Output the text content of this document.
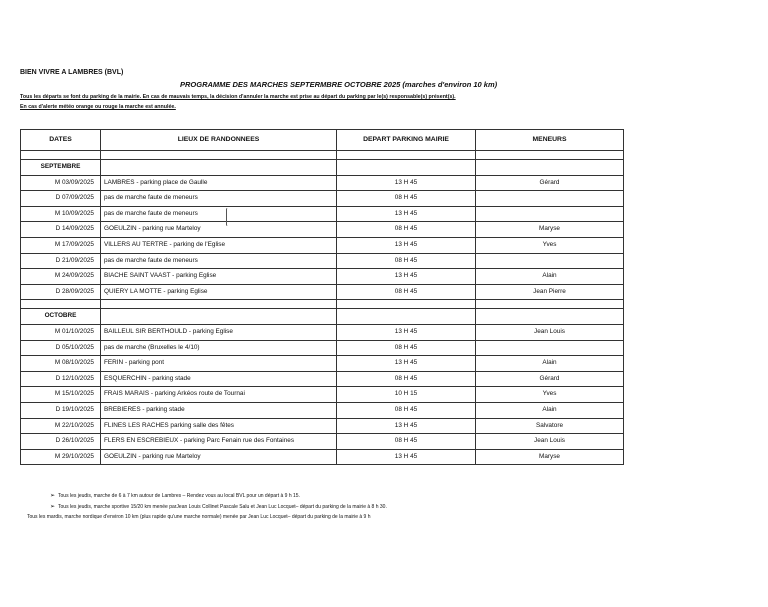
BIEN VIVRE A LAMBRES (BVL)
PROGRAMME DES MARCHES SEPTERMBRE OCTOBRE 2025 (marches d'environ 10 km)
Tous les départs se font du parking de la mairie. En cas de mauvais temps, la décision d'annuler la marche est prise au départ du parking par le(s) responsable(s) présent(s).
En cas d'alerte météo orange ou rouge la marche est annulée.
DATES	LIEUX DE RANDONNEES	DEPART PARKING MAIRIE	MENEURS

SEPTEMBRE			
M 03/09/2025	LAMBRES - parking place de Gaulle	13 H 45	Gérard
D 07/09/2025	pas de marche faute de meneurs	08 H 45	
M 10/09/2025	pas de marche faute de meneurs	13 H 45	
D 14/09/2025	GOEULZIN - parking rue Marteloy	08 H 45	Maryse
M 17/09/2025	VILLERS AU TERTRE - parking de l'Eglise	13 H 45	Yves
D 21/09/2025	pas de marche faute de meneurs	08 H 45	
M 24/09/2025	BIACHE SAINT VAAST - parking Eglise	13 H 45	Alain
D 28/09/2025	QUIERY LA MOTTE - parking Eglise	08 H 45	Jean Pierre

OCTOBRE			
M 01/10/2025	BAILLEUL SIR BERTHOULD - parking Eglise	13 H 45	Jean Louis
D 05/10/2025	pas de marche (Bruxelles le 4/10)	08 H 45	
M 08/10/2025	FERIN - parking pont	13 H 45	Alain
D 12/10/2025	ESQUERCHIN - parking stade	08 H 45	Gérard
M 15/10/2025	FRAIS MARAIS - parking Arkéos route de Tournai	10 H 15	Yves
D 19/10/2025	BREBIERES - parking stade	08 H 45	Alain
M 22/10/2025	FLINES LES RACHES parking salle des fêtes	13 H 45	Salvatore
D 26/10/2025	FLERS EN ESCREBIEUX - parking Parc Fenain rue des Fontaines	08 H 45	Jean Louis
M 29/10/2025	GOEULZIN - parking rue Marteloy	13 H 45	Maryse
➢ Tous les jeudis, marche de 6 à 7 km autour de Lambres – Rendez vous au local BVL pour un départ à 9 h 15.
➢ Tous les jeudis, marche sportive 15/20 km menée parJean Louis Collinet Pascale Salu et Jean Luc Locquet– départ du parking de la mairie à 8 h 30.
Tous les mardis, marche nordique d'environ 10 km (plus rapide qu'une marche normale) menée par Jean Luc Locquet– départ du parking de la mairie à 9 h
